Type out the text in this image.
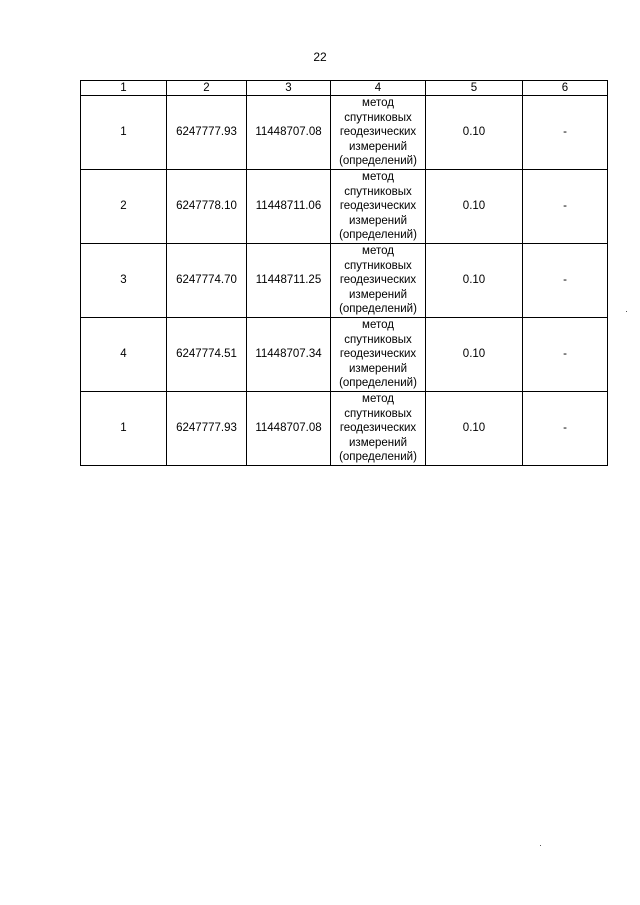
22
1	2	3	4	5	6
1	6247777.93	11448707.08	метод
спутниковых
геодезических
измерений
(определений)	0.10	-
2	6247778.10	11448711.06	метод
спутниковых
геодезических
измерений
(определений)	0.10	-
3	6247774.70	11448711.25	метод
спутниковых
геодезических
измерений
(определений)	0.10	-
4	6247774.51	11448707.34	метод
спутниковых
геодезических
измерений
(определений)	0.10	-
1	6247777.93	11448707.08	метод
спутниковых
геодезических
измерений
(определений)	0.10	-
